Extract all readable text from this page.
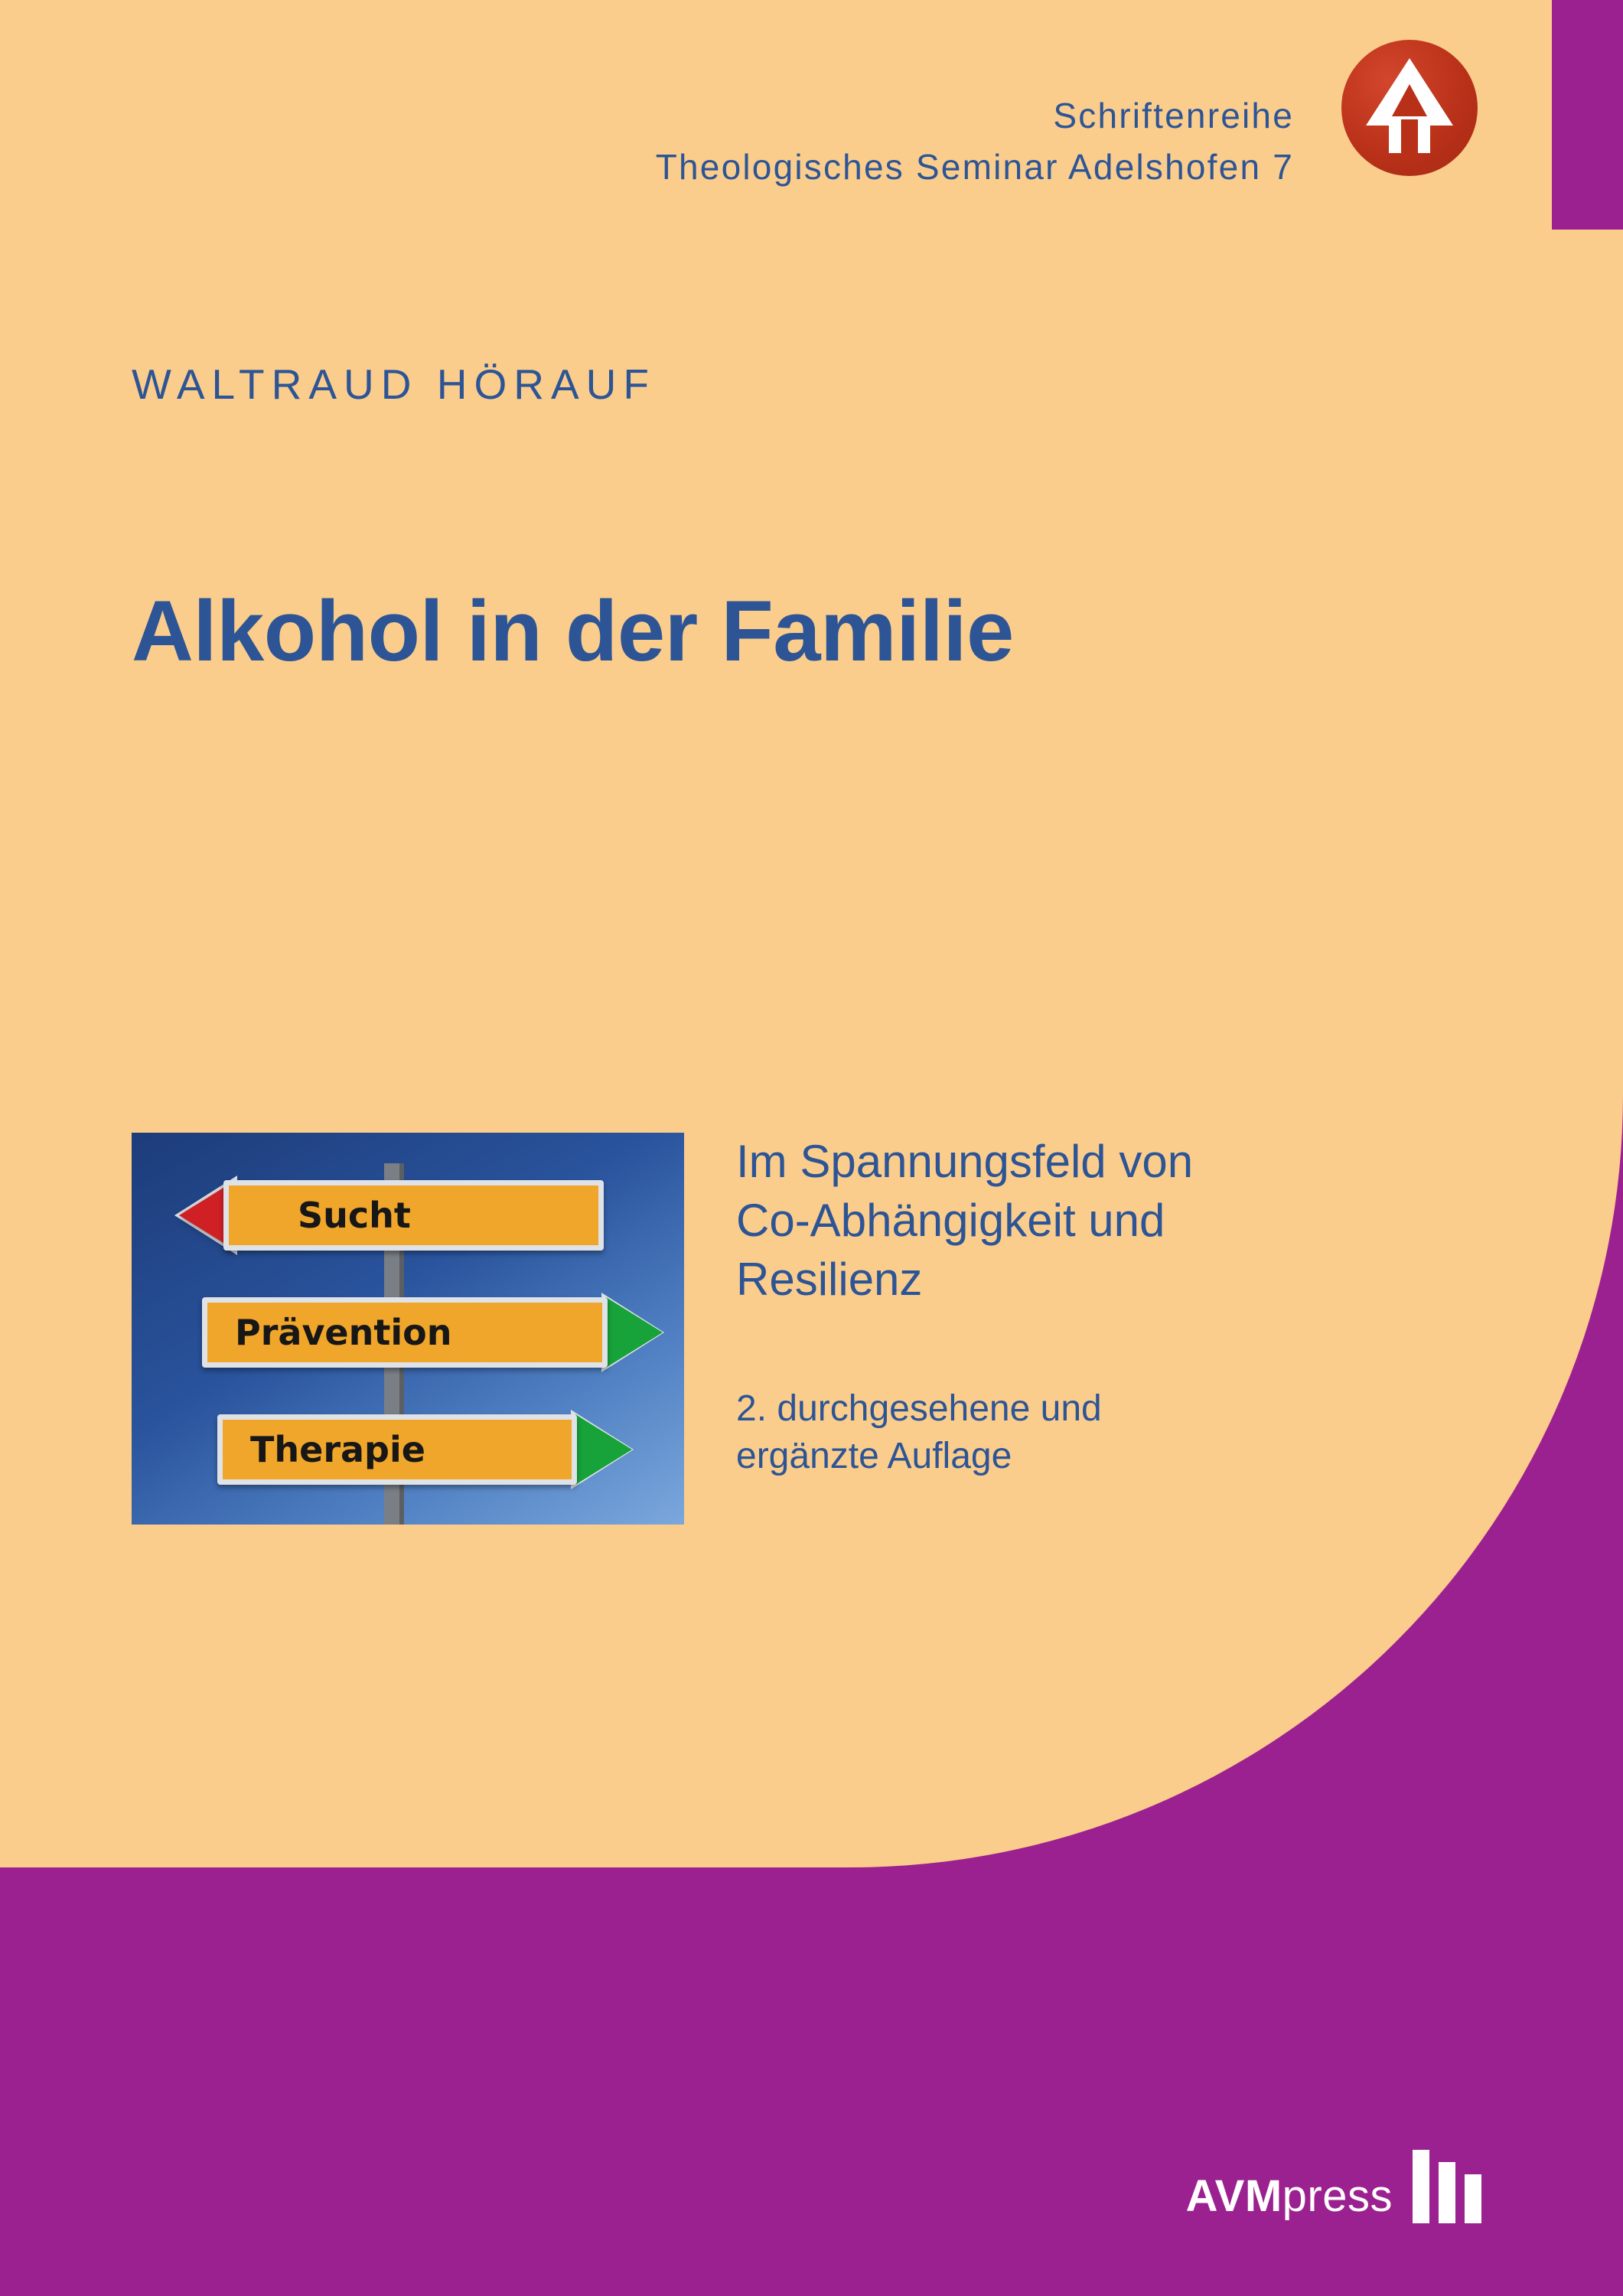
Schriftenreihe
Theologisches Seminar Adelshofen 7
WALTRAUD HÖRAUF
Alkohol in der Familie
Sucht
Prävention
Therapie
Im Spannungsfeld von
Co-Abhängigkeit und
Resilienz
2. durchgesehene und
ergänzte Auflage
AVMpress
